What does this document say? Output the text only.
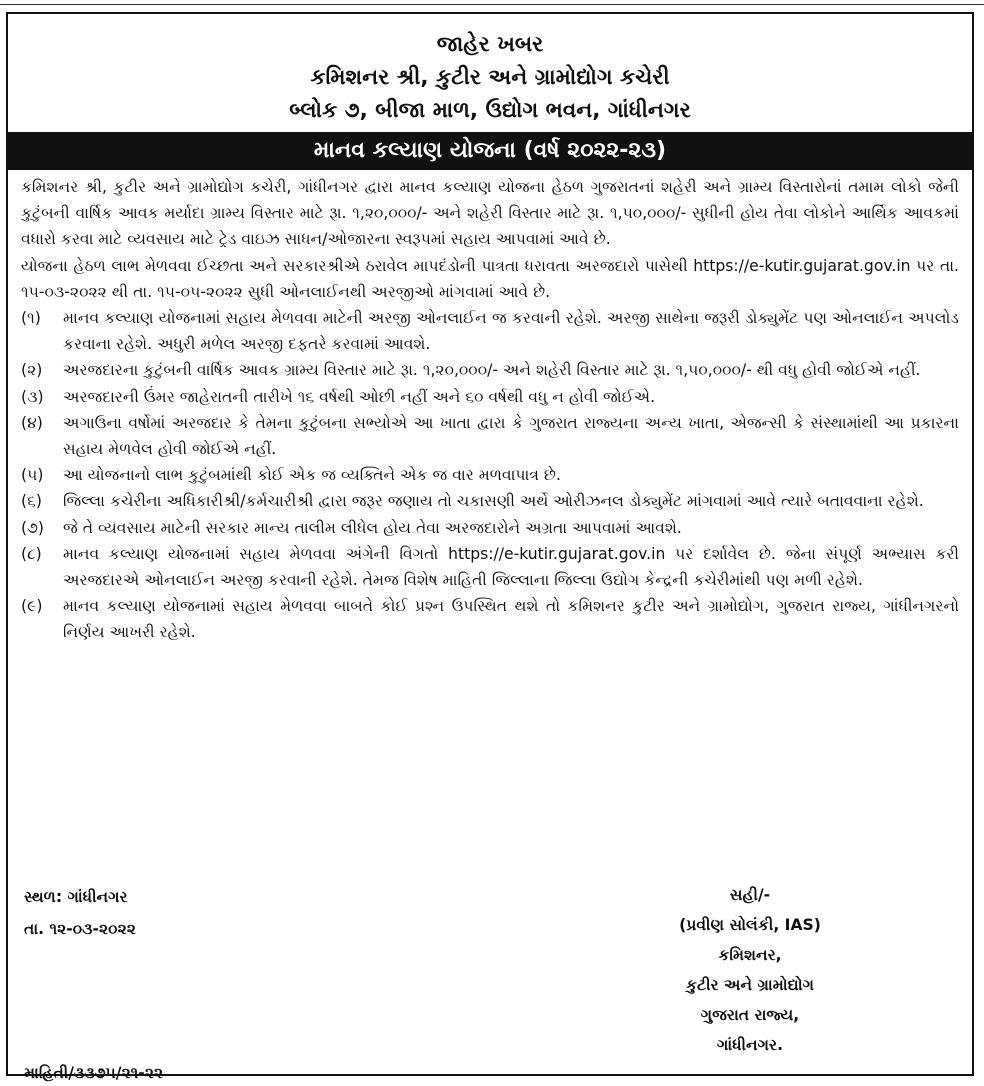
જાહેર ખબર
કમિશનર શ્રી, કુટીર અને ગ્રામોદ્યોગ કચેરી
બ્લોક ૭, બીજા માળ, ઉદ્યોગ ભવન, ગાંધીનગર
માનવ કલ્યાણ યોજના (વર્ષ ૨૦૨૨-૨૩)
કમિશનર શ્રી, કુટીર અને ગ્રામોદ્યોગ કચેરી, ગાંધીનગર દ્વારા માનવ કલ્યાણ યોજના હેઠળ ગુજરાતનાં શહેરી અને ગ્રામ્ય વિસ્તારોનાં તમામ લોકો જેની કુટુંબની વાર્ષિક આવક મર્યાદા ગ્રામ્ય વિસ્તાર માટે રૂા. ૧,૨૦,૦૦૦/- અને શહેરી વિસ્તાર માટે રૂા. ૧,૫૦,૦૦૦/- સુધીની હોય તેવા લોકોને આર્થિક આવકમાં વધારો કરવા માટે વ્યવસાય માટે ટ્રેડ વાઇઝ સાધન/ઓજારના સ્વરૂપમાં સહાય આપવામાં આવે છે.
યોજના હેઠળ લાભ મેળવવા ઈચ્છતા અને સરકારશ્રીએ ઠરાવેલ માપદંડોની પાત્રતા ધરાવતા અરજદારો પાસેથી https://e-kutir.gujarat.gov.in પર તા. ૧૫-૦૩-૨૦૨૨ થી તા. ૧૫-૦૫-૨૦૨૨ સુધી ઓનલાઈનથી અરજીઓ માંગવામાં આવે છે.
(૧)	માનવ કલ્યાણ યોજનામાં સહાય મેળવવા માટેની અરજી ઓનલાઈન જ કરવાની રહેશે. અરજી સાથેના જરૂરી ડોક્યુમેંટ પણ ઓનલાઈન અપલોડ કરવાના રહેશે. અધુરી મળેલ અરજી દફતરે કરવામાં આવશે.
(૨)	અરજદારના કુટુંબની વાર્ષિક આવક ગ્રામ્ય વિસ્તાર માટે રૂા. ૧,૨૦,૦૦૦/- અને શહેરી વિસ્તાર માટે રૂા. ૧,૫૦,૦૦૦/- થી વધુ હોવી જોઈએ નહીં.
(૩)	અરજદારની ઉંમર જાહેરાતની તારીખે ૧૬ વર્ષથી ઓછી નહીં અને ૬૦ વર્ષથી વધુ ન હોવી જોઈએ.
(૪)	અગાઉના વર્ષોમાં અરજદાર કે તેમના કુટુંબના સભ્યોએ આ ખાતા દ્વારા કે ગુજરાત રાજ્યના અન્ય ખાતા, એજન્સી કે સંસ્થામાંથી આ પ્રકારના સહાય મેળવેલ હોવી જોઈએ નહીં.
(૫)	આ યોજનાનો લાભ કુટુંબમાંથી કોઈ એક જ વ્યક્તિને એક જ વાર મળવાપાત્ર છે.
(૬)	જિલ્લા કચેરીના અધિકારીશ્રી/કર્મચારીશ્રી દ્વારા જરૂર જણાય તો ચકાસણી અર્થે ઓરીઝનલ ડોક્યુમેંટ માંગવામાં આવે ત્યારે બતાવવાના રહેશે.
(૭)	જે તે વ્યવસાય માટેની સરકાર માન્ય તાલીમ લીધેલ હોય તેવા અરજદારોને અગ્રતા આપવામાં આવશે.
(૮)	માનવ કલ્યાણ યોજનામાં સહાય મેળવવા અંગેની વિગતો https://e-kutir.gujarat.gov.in પર દર્શાવેલ છે. જેના સંપૂર્ણ અભ્યાસ કરી અરજદારએ ઓનલાઈન અરજી કરવાની રહેશે. તેમજ વિશેષ માહિતી જિલ્લાના જિલ્લા ઉદ્યોગ કેન્દ્રની કચેરીમાંથી પણ મળી રહેશે.
(૯)	માનવ કલ્યાણ યોજનામાં સહાય મેળવવા બાબતે કોઈ પ્રશ્ન ઉપસ્થિત થશે તો કમિશનર કુટીર અને ગ્રામોદ્યોગ, ગુજરાત રાજ્ય, ગાંધીનગરનો નિર્ણય આખરી રહેશે.
સ્થળ: ગાંધીનગર
તા. ૧૨-૦૩-૨૦૨૨
સહી/-
(પ્રવીણ સોલંકી, IAS)
કમિશનર,
કુટીર અને ગ્રામોદ્યોગ
ગુજરાત રાજ્ય,
ગાંધીનગર.
માહિતી/૩૩૭૫/૨૧-૨૨
